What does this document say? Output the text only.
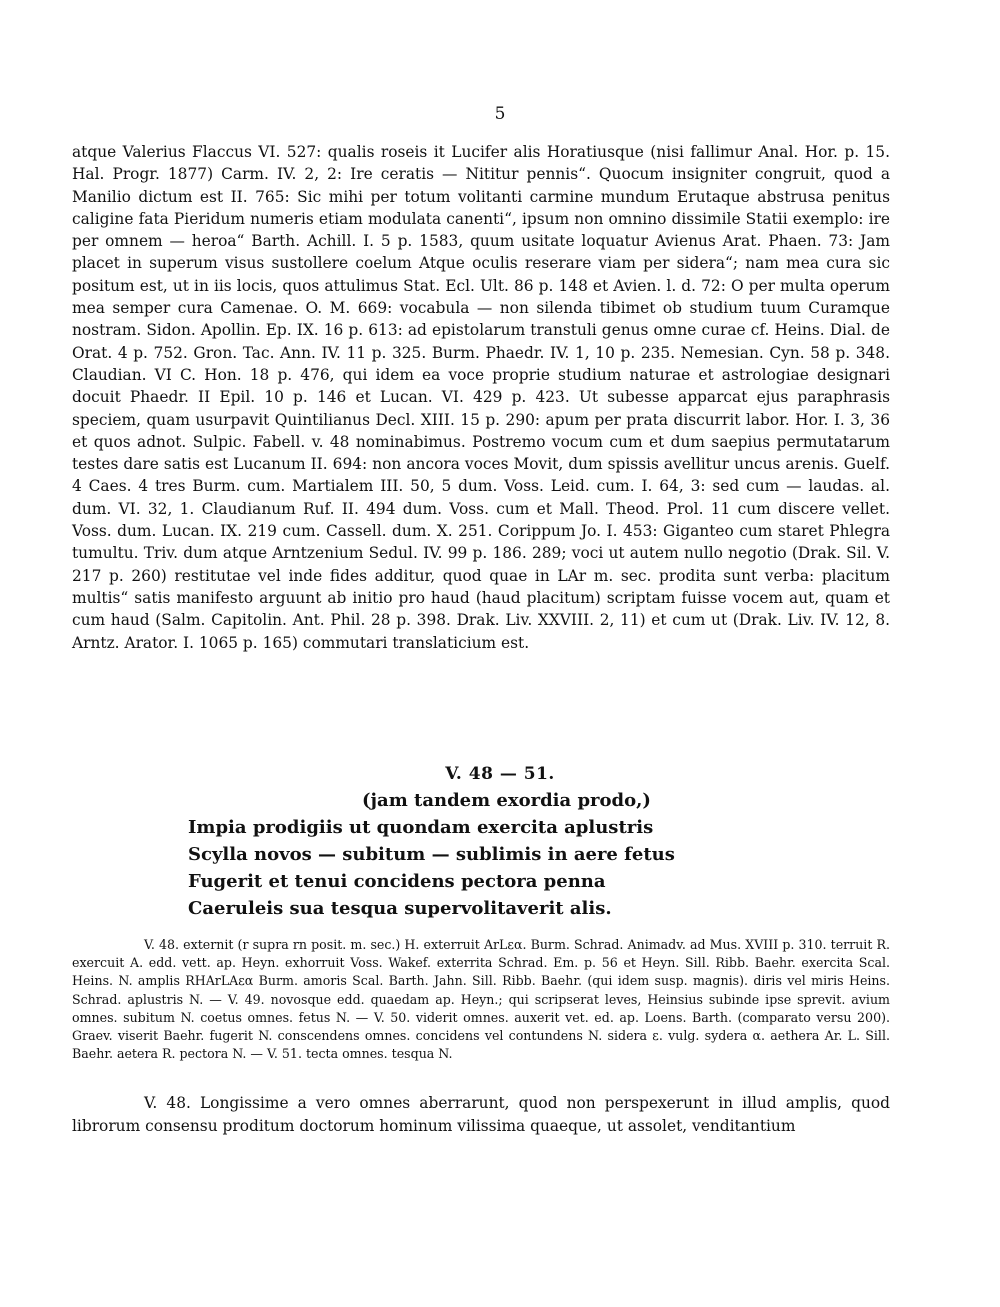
5
atque Valerius Flaccus VI. 527: qualis roseis it Lucifer alis Horatiusque (nisi fallimur Anal. Hor. p. 15. Hal. Progr. 1877) Carm. IV. 2, 2: Ire ceratis — Nititur pennis“. Quocum insigniter congruit, quod a Manilio dictum est II. 765: Sic mihi per totum volitanti carmine mundum Erutaque abstrusa penitus caligine fata Pieridum numeris etiam modulata canenti“, ipsum non omnino dissimile Statii exemplo: ire per omnem — heroa“ Barth. Achill. I. 5 p. 1583, quum usitate loquatur Avienus Arat. Phaen. 73: Jam placet in superum visus sustollere coelum Atque oculis reserare viam per sidera“; nam mea cura sic positum est, ut in iis locis, quos attulimus Stat. Ecl. Ult. 86 p. 148 et Avien. l. d. 72: O per multa operum mea semper cura Camenae. O. M. 669: vocabula — non silenda tibimet ob studium tuum Curamque nostram. Sidon. Apollin. Ep. IX. 16 p. 613: ad epistolarum transtuli genus omne curae cf. Heins. Dial. de Orat. 4 p. 752. Gron. Tac. Ann. IV. 11 p. 325. Burm. Phaedr. IV. 1, 10 p. 235. Nemesian. Cyn. 58 p. 348. Claudian. VI C. Hon. 18 p. 476, qui idem ea voce proprie studium naturae et astrologiae designari docuit Phaedr. II Epil. 10 p. 146 et Lucan. VI. 429 p. 423. Ut subesse apparcat ejus paraphrasis speciem, quam usurpavit Quintilianus Decl. XIII. 15 p. 290: apum per prata discurrit labor. Hor. I. 3, 36 et quos adnot. Sulpic. Fabell. v. 48 nominabimus. Postremo vocum cum et dum saepius permutatarum testes dare satis est Lucanum II. 694: non ancora voces Movit, dum spissis avellitur uncus arenis. Guelf. 4 Caes. 4 tres Burm. cum. Martialem III. 50, 5 dum. Voss. Leid. cum. I. 64, 3: sed cum — laudas. al. dum. VI. 32, 1. Claudianum Ruf. II. 494 dum. Voss. cum et Mall. Theod. Prol. 11 cum discere vellet. Voss. dum. Lucan. IX. 219 cum. Cassell. dum. X. 251. Corippum Jo. I. 453: Giganteo cum staret Phlegra tumultu. Triv. dum atque Arntzenium Sedul. IV. 99 p. 186. 289; voci ut autem nullo negotio (Drak. Sil. V. 217 p. 260) restitutae vel inde fides additur, quod quae in LAr m. sec. prodita sunt verba: placitum multis“ satis manifesto arguunt ab initio pro haud (haud placitum) scriptam fuisse vocem aut, quam et cum haud (Salm. Capitolin. Ant. Phil. 28 p. 398. Drak. Liv. XXVIII. 2, 11) et cum ut (Drak. Liv. IV. 12, 8. Arntz. Arator. I. 1065 p. 165) commutari translaticium est.
V. 48 — 51.
(jam tandem exordia prodo,)
Impia prodigiis ut quondam exercita aplustris
Scylla novos — subitum — sublimis in aere fetus
Fugerit et tenui concidens pectora penna
Caeruleis sua tesqua supervolitaverit alis.
V. 48. externit (r supra rn posit. m. sec.) H. exterruit ArLεα. Burm. Schrad. Animadv. ad Mus. XVIII p. 310. terruit R. exercuit A. edd. vett. ap. Heyn. exhorruit Voss. Wakef. exterrita Schrad. Em. p. 56 et Heyn. Sill. Ribb. Baehr. exercita Scal. Heins. N. amplis RHArLAεα Burm. amoris Scal. Barth. Jahn. Sill. Ribb. Baehr. (qui idem susp. magnis). diris vel miris Heins. Schrad. aplustris N. — V. 49. novosque edd. quaedam ap. Heyn.; qui scripserat leves, Heinsius subinde ipse sprevit. avium omnes. subitum N. coetus omnes. fetus N. — V. 50. viderit omnes. auxerit vet. ed. ap. Loens. Barth. (comparato versu 200). Graev. viserit Baehr. fugerit N. conscendens omnes. concidens vel contundens N. sidera ε. vulg. sydera α. aethera Ar. L. Sill. Baehr. aetera R. pectora N. — V. 51. tecta omnes. tesqua N.
V. 48. Longissime a vero omnes aberrarunt, quod non perspexerunt in illud amplis, quod librorum consensu proditum doctorum hominum vilissima quaeque, ut assolet, venditantium
